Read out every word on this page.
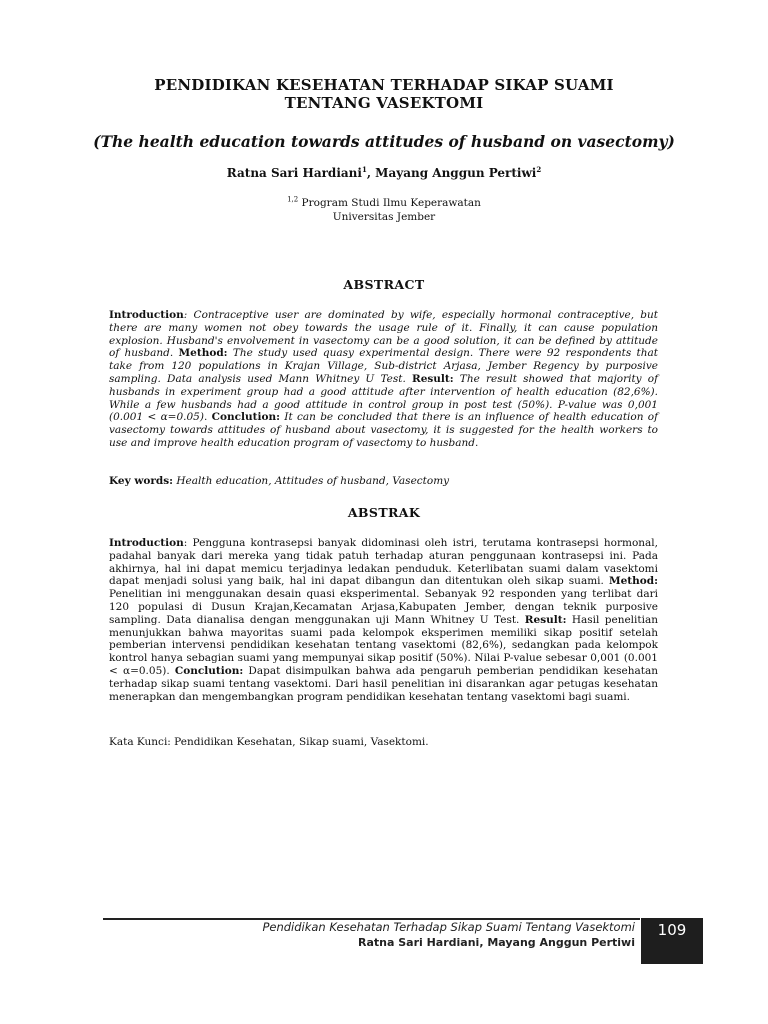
PENDIDIKAN KESEHATAN TERHADAP SIKAP SUAMI
TENTANG VASEKTOMI
(The health education towards attitudes of husband on vasectomy)
Ratna Sari Hardiani$^1$, Mayang Anggun Pertiwi$^2$
$^{1,2}$ Program Studi Ilmu Keperawatan
Universitas Jember
ABSTRACT
Introduction: Contraceptive user are dominated by wife, especially hormonal contraceptive, but there are many women not obey towards the usage rule of it. Finally, it can cause population explosion. Husband's envolvement in vasectomy can be a good solution, it can be defined by attitude of husband. Method: The study used quasy experimental design. There were 92 respondents that take from 120 populations in Krajan Village, Sub-district Arjasa, Jember Regency by purposive sampling. Data analysis used Mann Whitney U Test. Result: The result showed that majority of husbands in experiment group had a good attitude after intervention of health education (82,6%). While a few husbands had a good attitude in control group in post test (50%). P-value was 0,001 (0.001 < α=0.05). Conclution: It can be concluded that there is an influence of health education of vasectomy towards attitudes of husband about vasectomy, it is suggested for the health workers to use and improve health education program of vasectomy to husband.
Key words: Health education, Attitudes of husband, Vasectomy
ABSTRAK
Introduction: Pengguna kontrasepsi banyak didominasi oleh istri, terutama kontrasepsi hormonal, padahal banyak dari mereka yang tidak patuh terhadap aturan penggunaan kontrasepsi ini. Pada akhirnya, hal ini dapat memicu terjadinya ledakan penduduk. Keterlibatan suami dalam vasektomi dapat menjadi solusi yang baik, hal ini dapat dibangun dan ditentukan oleh sikap suami. Method: Penelitian ini menggunakan desain quasi eksperimental. Sebanyak 92 responden yang terlibat dari 120 populasi di Dusun Krajan,Kecamatan Arjasa,Kabupaten Jember, dengan teknik purposive sampling. Data dianalisa dengan menggunakan uji Mann Whitney U Test. Result: Hasil penelitian menunjukkan bahwa mayoritas suami pada kelompok eksperimen memiliki sikap positif setelah pemberian intervensi pendidikan kesehatan tentang vasektomi (82,6%), sedangkan pada kelompok kontrol hanya sebagian suami yang mempunyai sikap positif (50%). Nilai P-value sebesar 0,001 (0.001 < α=0.05). Conclution: Dapat disimpulkan bahwa ada pengaruh pemberian pendidikan kesehatan terhadap sikap suami tentang vasektomi. Dari hasil penelitian ini disarankan agar petugas kesehatan menerapkan dan mengembangkan program pendidikan kesehatan tentang vasektomi bagi suami.
Kata Kunci: Pendidikan Kesehatan, Sikap suami, Vasektomi.
Pendidikan Kesehatan Terhadap Sikap Suami Tentang Vasektomi
Ratna Sari Hardiani, Mayang Anggun Pertiwi
109
